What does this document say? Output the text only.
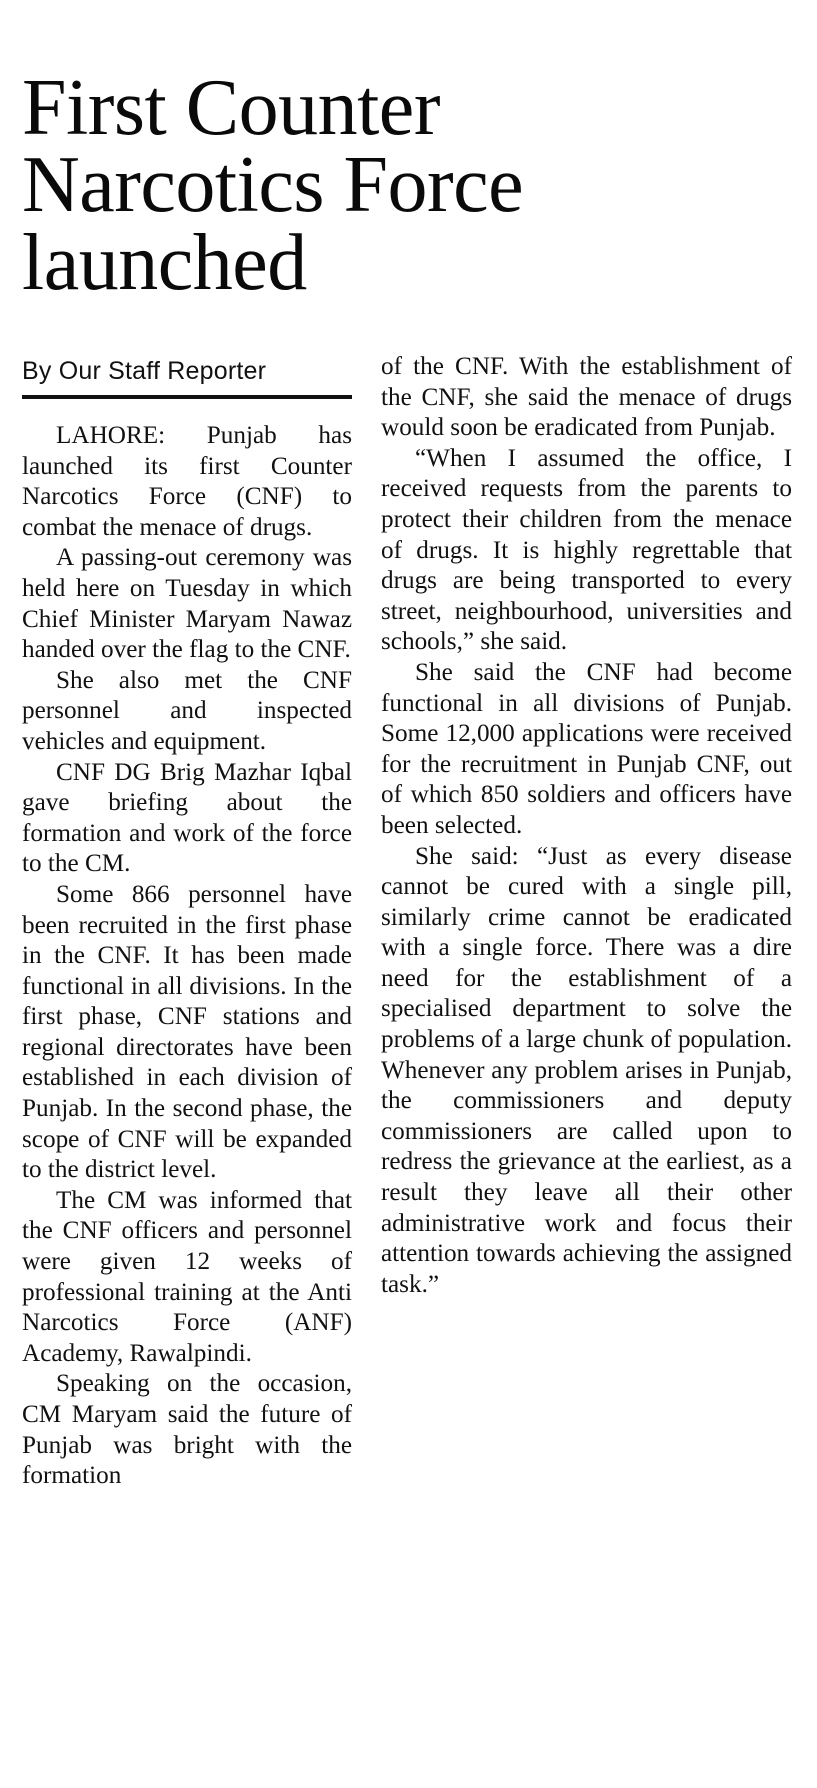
First Counter
Narcotics Force
launched
By Our Staff Reporter

LAHORE: Punjab has launched its first Counter Narcotics Force (CNF) to combat the menace of drugs.

A passing-out ceremony was held here on Tuesday in which Chief Minister Maryam Nawaz handed over the flag to the CNF.

She also met the CNF personnel and inspected vehicles and equipment.

CNF DG Brig Mazhar Iqbal gave briefing about the formation and work of the force to the CM.

Some 866 personnel have been recruited in the first phase in the CNF. It has been made functional in all divisions. In the first phase, CNF stations and regional directorates have been established in each division of Punjab. In the second phase, the scope of CNF will be expanded to the district level.

The CM was informed that the CNF officers and personnel were given 12 weeks of professional training at the Anti Narcotics Force (ANF) Academy, Rawalpindi.

Speaking on the occasion, CM Maryam said the future of Punjab was bright with the formation

of the CNF. With the establishment of the CNF, she said the menace of drugs would soon be eradicated from Punjab.

“When I assumed the office, I received requests from the parents to protect their children from the menace of drugs. It is highly regrettable that drugs are being transported to every street, neighbourhood, universities and schools,” she said.

She said the CNF had become functional in all divisions of Punjab. Some 12,000 applications were received for the recruitment in Punjab CNF, out of which 850 soldiers and officers have been selected.

She said: “Just as every disease cannot be cured with a single pill, similarly crime cannot be eradicated with a single force. There was a dire need for the establishment of a specialised department to solve the problems of a large chunk of population. Whenever any problem arises in Punjab, the commissioners and deputy commissioners are called upon to redress the grievance at the earliest, as a result they leave all their other administrative work and focus their attention towards achieving the assigned task.”
